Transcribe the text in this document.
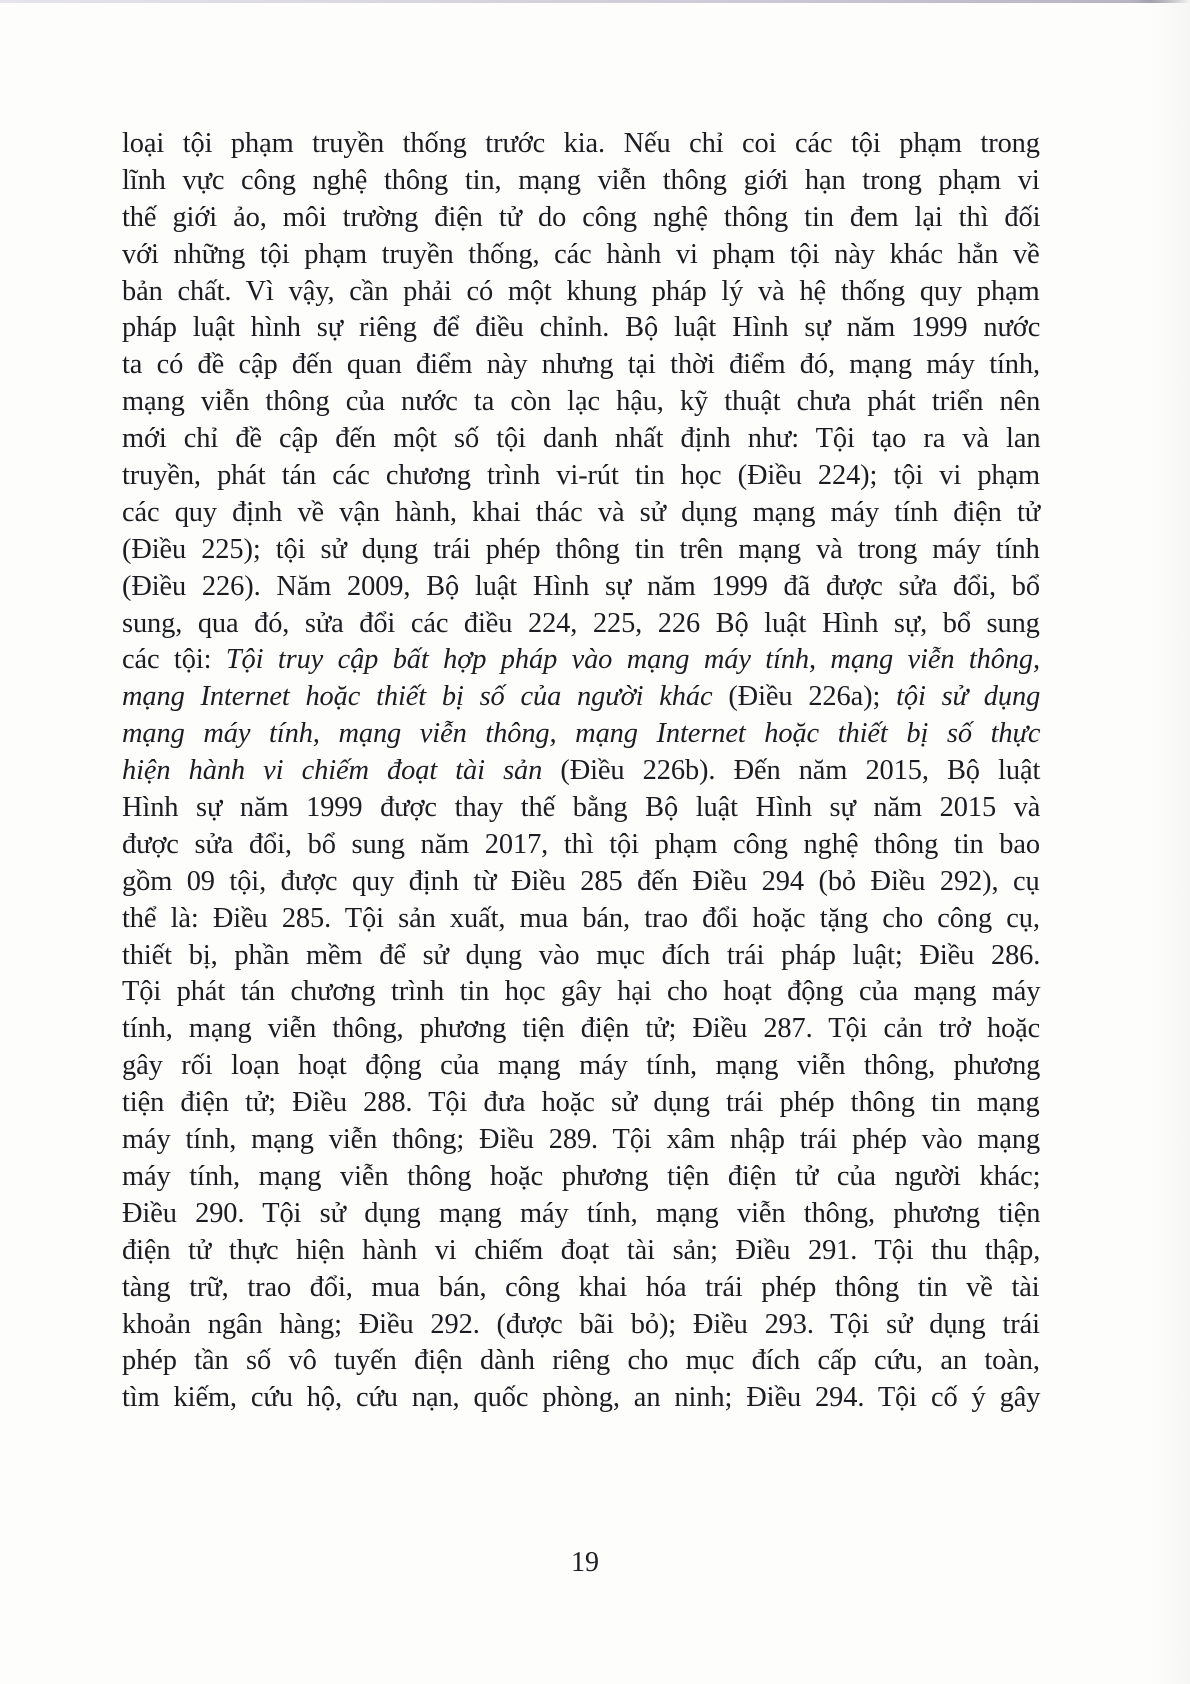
loại tội phạm truyền thống trước kia. Nếu chỉ coi các tội phạm trong
lĩnh vực công nghệ thông tin, mạng viễn thông giới hạn trong phạm vi
thế giới ảo, môi trường điện tử do công nghệ thông tin đem lại thì đối
với những tội phạm truyền thống, các hành vi phạm tội này khác hẳn về
bản chất. Vì vậy, cần phải có một khung pháp lý và hệ thống quy phạm
pháp luật hình sự riêng để điều chỉnh. Bộ luật Hình sự năm 1999 nước
ta có đề cập đến quan điểm này nhưng tại thời điểm đó, mạng máy tính,
mạng viễn thông của nước ta còn lạc hậu, kỹ thuật chưa phát triển nên
mới chỉ đề cập đến một số tội danh nhất định như: Tội tạo ra và lan
truyền, phát tán các chương trình vi-rút tin học (Điều 224); tội vi phạm
các quy định về vận hành, khai thác và sử dụng mạng máy tính điện tử
(Điều 225); tội sử dụng trái phép thông tin trên mạng và trong máy tính
(Điều 226). Năm 2009, Bộ luật Hình sự năm 1999 đã được sửa đổi, bổ
sung, qua đó, sửa đổi các điều 224, 225, 226 Bộ luật Hình sự, bổ sung
các tội: Tội truy cập bất hợp pháp vào mạng máy tính, mạng viễn thông,
mạng Internet hoặc thiết bị số của người khác (Điều 226a); tội sử dụng
mạng máy tính, mạng viễn thông, mạng Internet hoặc thiết bị số thực
hiện hành vi chiếm đoạt tài sản (Điều 226b). Đến năm 2015, Bộ luật
Hình sự năm 1999 được thay thế bằng Bộ luật Hình sự năm 2015 và
được sửa đổi, bổ sung năm 2017, thì tội phạm công nghệ thông tin bao
gồm 09 tội, được quy định từ Điều 285 đến Điều 294 (bỏ Điều 292), cụ
thể là: Điều 285. Tội sản xuất, mua bán, trao đổi hoặc tặng cho công cụ,
thiết bị, phần mềm để sử dụng vào mục đích trái pháp luật; Điều 286.
Tội phát tán chương trình tin học gây hại cho hoạt động của mạng máy
tính, mạng viễn thông, phương tiện điện tử; Điều 287. Tội cản trở hoặc
gây rối loạn hoạt động của mạng máy tính, mạng viễn thông, phương
tiện điện tử; Điều 288. Tội đưa hoặc sử dụng trái phép thông tin mạng
máy tính, mạng viễn thông; Điều 289. Tội xâm nhập trái phép vào mạng
máy tính, mạng viễn thông hoặc phương tiện điện tử của người khác;
Điều 290. Tội sử dụng mạng máy tính, mạng viễn thông, phương tiện
điện tử thực hiện hành vi chiếm đoạt tài sản; Điều 291. Tội thu thập,
tàng trữ, trao đổi, mua bán, công khai hóa trái phép thông tin về tài
khoản ngân hàng; Điều 292. (được bãi bỏ); Điều 293. Tội sử dụng trái
phép tần số vô tuyến điện dành riêng cho mục đích cấp cứu, an toàn,
tìm kiếm, cứu hộ, cứu nạn, quốc phòng, an ninh; Điều 294. Tội cố ý gây
19
